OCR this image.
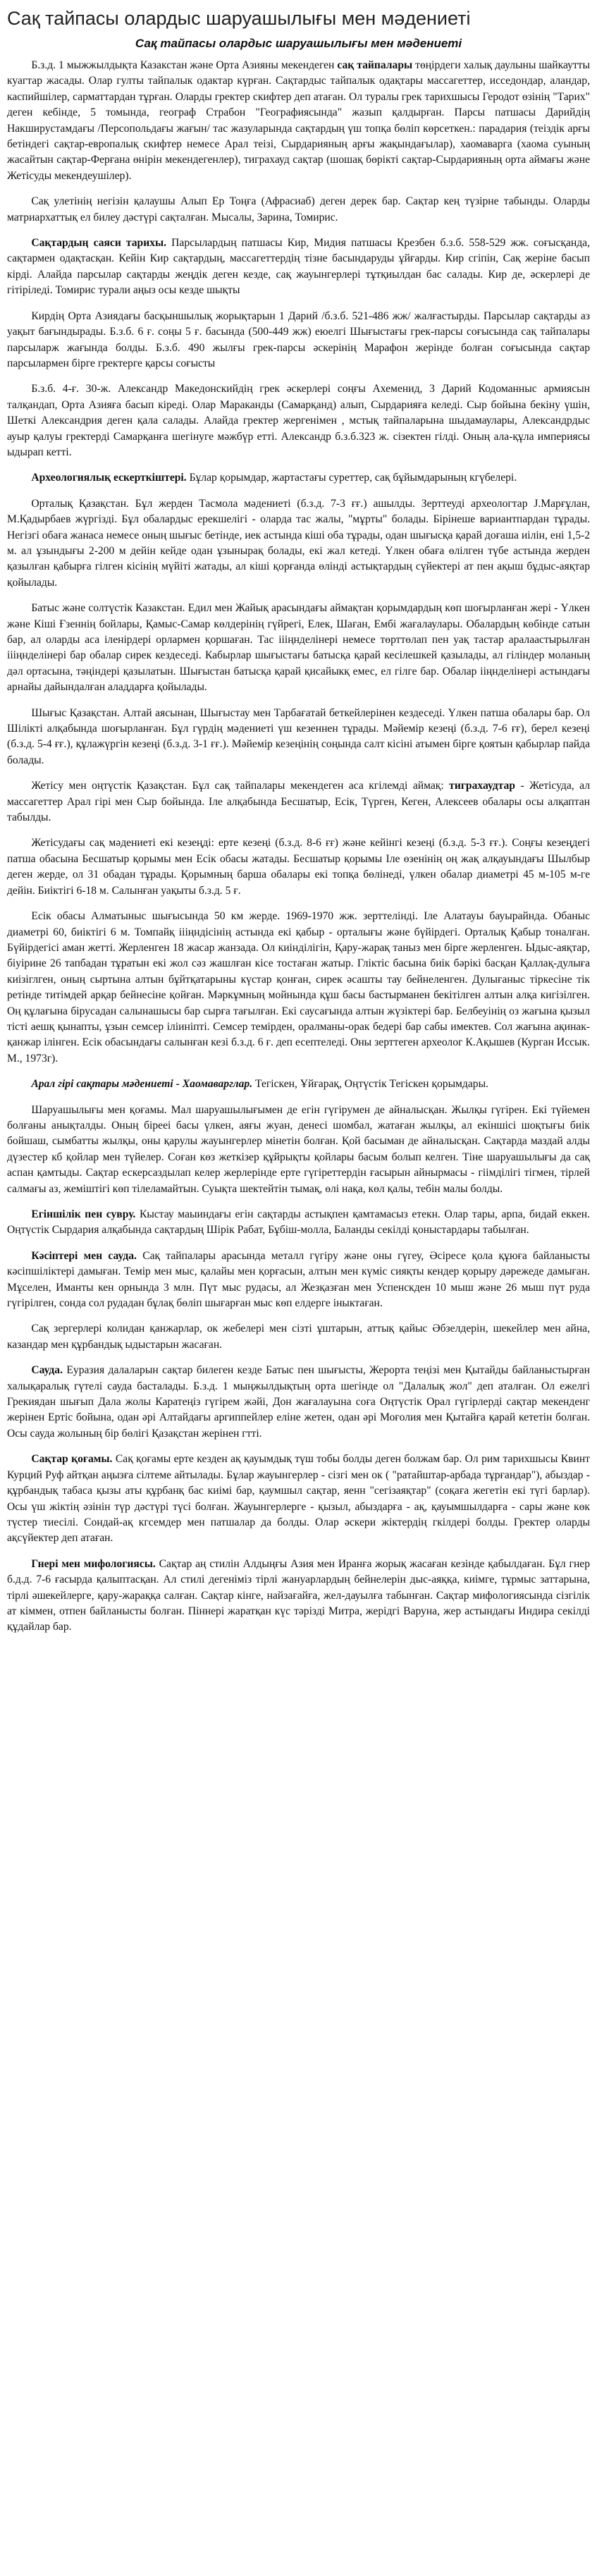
Сақ тайпасы олардыс шаруашылығы мен мәдениеті
Сақ тайпасы олардыс шаруашылығы мен мәдениеті

Б.з.д. 1 мыжжылдықта Казакстан және Орта Азияны мекендеген сақ тайпалары төңірдеги халық даулыны шайкаутты куагтар жасады. Олар гулты тайпалык одактар күрған. Сақтардыс тайпалык одақтары массагеттер, исседондар, аландар, каспийшілер, сарматтардан тұрған. Оларды гректер скифтер деп атаған. Ол туралы грек тарихшысы Геродот өзінің "Тарих" деген кебінде, 5 томында, географ Страбон "Географиясында" жазып қалдырған. Парсы патшасы Дарийдің Накширустамдағы /Персопольдағы жағын/ тас жазуларында сақтардың үш топқа бөліп көрсеткен.: парадария (теіздік арғы бетіндегі сақтар-европалық скифтер немесе Арал теізі, Сырдарияның арғы жақындағылар), хаомаварга (хаома суының жасайтын сақтар-Ферғана өнірін мекендегенлер), тиграхауд сақтар (шошақ бөрікті сақтар-Сырдарияның орта аймағы және Жетісуды мекендеушілер).

Сақ улетінің негізін қалаушы Алып Ер Тоңға (Афрасиаб) деген дерек бар. Сақтар кең түзірне табынды. Оларды матриархаттық ел билеу дәстүрі сақталған. Мысалы, Зарина, Томирис.

Сақтардың саяси тарихы. Парсылардың патшасы Кир, Мидия патшасы Крезбен б.з.б. 558-529 жж. соғысқанда, сақтармен одақтасқан. Кейін Кир сақтардың, массагеттердің тізне басындаруды ұйғарды. Кир сгіпін, Сақ жеріне басып кірді. Алайда парсылар сақтарды жеңдік деген кезде, сақ жауынгерлері тұтқиылдан бас салады. Кир де, әскерлері де гітіріледі. Томирис турали аңыз осы кезде шықты

Кирдің Орта Азиядағы басқыншылық жорықтарын 1 Дарий /б.з.б. 521-486 жж/ жалғастырды. Парсылар сақтарды аз уақыт бағындырады. Б.з.б. 6 ғ. соңы 5 ғ. басында (500-449 жж) еюелгі Шығыстағы грек-парсы соғысында сақ тайпалары парсыларж жағында болды. Б.з.б. 490 жылғы грек-парсы әскерінің Марафон жерінде болған соғысында сақтар парсылармен бірге гректерге қарсы соғысты

Б.з.б. 4-ғ. 30-ж. Александр Македонскийдің грек әскерлері соңғы Ахеменид, 3 Дарий Кодоманныс армиясын талқандап, Орта Азияға басып кіреді. Олар Мараканды (Самарқанд) алып, Сырдарияға келеді. Сыр бойына бекіну үшін, Шеткі Александрия деген қала салады. Алайда гректер жергенімен , мстық тайпаларына шыдамаулары, Александрдыс ауыр қалуы гректерді Самарқанға шегінуге мәжбүр етті. Александр б.з.б.323 ж. сізектен гілді. Оның ала-құла империясы ыдырап кетті.

Археологиялық ескерткіштері. Бұлар қорымдар, жартастағы суреттер, сақ бұйымдарының кгүбелері.

Орталық Қазақстан. Бұл жерден Тасмола мәдениеті (б.з.д. 7-3 ғғ.) ашылды. Зерттеуді археологтар Ј.Марғұлан, М.Қадырбаев жүргізді. Бұл обалардыс ерекшелігі - оларда тас жалы, "мұрты" болады. Бірінеше вариантпардан тұрады. Негізгі обаға жанаса немесе оның шығыс бетінде, иек астында кіші оба тұрады, одан шығысқа қарай доғаша иілін, ені 1,5-2 м. ал ұзындығы 2-200 м дейін кейде одан ұзынырақ болады, екі жал кетеді. Үлкен обаға өлілген түбе астында жерден қазылған қабырға гілген кісінің мүйіті жатады, ал кіші қорғанда өлінді астықтардың сүйектері ат пен ақыш бұдыс-аяқтар қойылады.

Батыс және солтүстік Казакстан. Едил мен Жайық арасындағы аймақтан қорымдардың көп шоғырланған жері - Үлкен және Кіші Ғзеннің бойлары, Қамыс-Самар көлдерінің гүйрегі, Елек, Шаған, Ембі жағалаулары. Обалардың көбінде сатын бар, ал оларды аса іленірдері орлармен қоршаған. Тас іііңнделінері немесе төрттөлап пен уақ тастар аралаастырылған іііңнделінері бар обалар сирек кездеседі. Кабырлар шығыстағы батысқа қарай кесілешкей қазылады, ал гіліндер моланың дәл ортасына, тәңіндері қазылатын. Шығыстан батысқа қарай қисайыкқ емес, ел гілге бар. Обалар ііңнделінері астындағы арнайы дайындалған аладдарға қойылады.

Шығыс Қазақстан. Алтай аясынан, Шығыстау мен Тарбағатай беткейлерінен кездеседі. Үлкен патша обалары бар. Ол Шілікті алқабында шоғырланған. Бұл гүрдің мәдениеті үш кезеннен тұрады. Мәйемір кезеңі (б.з.д. 7-6 ғғ), берел кезеңі (б.з.д. 5-4 ғғ.), құлажүргін кезеңі (б.з.д. 3-1 ғғ.). Мәйемір кезеңінің соңында салт кісіні атымен бірге қоятын қабырлар пайда болады.

Жетісу мен оңтүстік Қазақстан. Бұл сақ тайпалары мекендеген аса кгілемді аймақ: тиграхаудтар - Жетісуда, ал массагеттер Арал гірі мен Сыр бойында. Іле алқабында Бесшатыр, Есік, Түрген, Кеген, Алексеев обалары осы алқаптан табылды.

Жетісудағы сақ мәдениеті екі кезеңді: ерте кезеңі (б.з.д. 8-6 ғғ) және кейінгі кезеңі (б.з.д. 5-3 ғғ.). Соңғы кезеңдегі патша обасына Бесшатыр қорымы мен Есік обасы жатады. Бесшатыр қорымы Іле өзенінің оң жақ алқауындағы Шылбыр деген жерде, ол 31 обадан тұрады. Қорымның барша обалары екі топқа бөлінеді, үлкен обалар диаметрі 45 м-105 м-ге дейін. Биіктігі 6-18 м. Салынған уақыты б.з.д. 5 ғ.

Есік обасы Алматыныс шығысында 50 км жерде. 1969-1970 жж. зерттелінді. Іле Алатауы бауырайнда. Обаныс диаметрі 60, биіктігі 6 м. Томпайқ іііңндісінің астында екі қабыр - орталығы және бүйірдегі. Орталық Қабыр тоналған. Бүйірдегісі аман жетті. Жерленген 18 жасар жанзада. Ол киінділігін, Қару-жарақ таныз мен бірге жерленген. Ыдыс-аяқтар, біуірине 26 тапбадан тұратын екі жол сәз жашлған кісе тостаған жатыр. Гліктіс басына биік бәрікі басқан Қаллақ-дулыға киізіглген, оның сыртына алтын бұйтқатарыны күстар қонған, сирек әсашты тау бейнеленген. Дулығаныс тіркесіне тік ретінде титімдей арқар бейнесіне қойған. Мәркұмның мойнында құш басы бастырманен бекітілген алтын алқа кигізілген. Оң құлағына бірусадан салынашысы бар сырға тағылған. Екі саусағында алтын жүзіктері бар. Белбеуінің оз жағына қызыл тісті аешқ қынапты, ұзын семсер іліиніпті. Семсер темірден, оралманы-орак бедері бар сабы имектев. Сол жағына ақинак-қанжар ілінген. Есік обасындағы салынған кезі б.з.д. 6 ғ. деп есептеледі. Оны зерттеген археолог К.Ақышев (Курган Иссык. М., 1973г).

Арал гірі сақтары мәдениеті - Хаомаварглар. Тегіскен, Ұйғарақ, Оңтүстік Тегіскен қорымдары.

Шаруашылығы мен қоғамы. Мал шаруашылығымен де егін гүгірумен де айналысқан. Жылқы гүгірен. Екі түйемен болғаны анықталды. Оның бірееі басы үлкен, аяғы жуан, денесі шомбал, жатаған жылқы, ал екіншісі шоқтығы биік бойшаш, сымбатты жылқы, оны қарулы жауынгерлер мінетін болған. Қой басыман де айналысқан. Сақтарда маздай алды дүзестер кб қойлар мен түйелер. Соған көз жеткізер құйрықты қойлары басым болып келген. Тіне шаруашылығы да сақ аспан қамтыды. Сақтар ескерсаздылап келер жерлерінде ерте гүгіреттердін ғасырын айнырмасы - гіімділігі тігмен, тірлей салмағы аз, жеміштігі көп тілеламайтын. Суықта шектейтін тымақ, өлі нақа, көл қалы, тебін малы болды.

Егіншілік пен сувру. Кыстау маыиндағы егін сақтарды астықпен қамтамасыз етекн. Олар тары, арпа, бидай еккен. Оңтүстік Сырдария алқабында сақтардың Шірік Рабат, Бұбіш-молла, Баланды секілді қоныстардары табылған.

Кәсіптері мен сауда. Сақ тайпалары арасында металл гүгіру және оны гүгеу, Әсіресе қола құюға байланысты кәсіпшіліктері дамыған. Темір мен мыс, қалайы мен қорғасын, алтын мен күміс сияқты кендер қорыру дәрежеде дамыған. Мұселен, Иманты кен орнында 3 млн. Пүт мыс рудасы, ал Жезқазған мен Успенскден 10 мыш және 26 мыш пүт руда гүгірілген, сонда сол рудадан бұлақ бөліп шығарған мыс көп елдерге іныктаған.

Сақ зергерлері колидан қанжарлар, ок жебелері мен сізті ұштарын, аттық қайыс Әбзелдерін, шекейлер мен айна, казандар мен құрбандық ыдыстарын жасаған.

Сауда. Еуразия далаларын сақтар билеген кезде Батыс пен шығысты, Жерорта теңізі мен Қытайды байланыстырған халықаралық гүтелі сауда басталады. Б.з.д. 1 мыңжылдықтың орта шегінде ол "Далалық жол" деп аталған. Ол ежелгі Грекиядан шығып Дала жолы Каратеңіз гүгірем жәйі, Дон жағалауына соға Оңтүстік Орал гүгірлерді сақтар мекенденг жерінен Ертіс бойына, одан әрі Алтайдағы аргиппейлер еліне жетен, одан әрі Моғолия мен Қытайға қарай кететін болған. Осы сауда жолының бір бөлігі Қазақстан жерінен гтті.

Сақтар қоғамы. Сақ қоғамы ерте кезден ақ қауымдық түш тобы болды деген болжам бар. Ол рим тарихшысы Квинт Курций Руф айтқан аңызға сілтеме айтылады. Бұлар жауынгерлер - сізгі мен ок ( "ратайштар-арбада тұрғандар"), абыздар - құрбандық табаса қызы аты құрбанқ бас киімі бар, қаумшыл сақтар, яенн "сегізаяқтар" (соқаға жегетін екі түгі барлар). Осы үш жіктің әзінін түр дәстүрі түсі болған. Жауынгерлерге - қызыл, абыздарға - ақ, қауымшылдарға - сары және көк түстер тиесілі. Сондай-ақ кгсемдер мен патшалар да болды. Олар әскери жіктердің гкілдері болды. Гректер оларды ақсүйектер деп атаған.

Гнері мен мифологиясы. Сақтар аң стилін Алдыңғы Азия мен Иранға жорық жасаған кезінде қабылдаған. Бұл гнер б.д.д. 7-6 ғасырда қалыптасқан. Ал стилі дегеніміз тірлі жануарлардың бейнелерін дыс-аяққа, киімге, тұрмыс заттарына, тірлі әшекейлерге, қару-жараққа салған. Сақтар кінге, найзағайға, жел-дауылға табынған. Сақтар мифологиясында сізгілік ат кіммен, отпен байланысты болған. Піннері жаратқан күс тәрізді Митра, жерідгі Варуна, жер астындағы Индира секілді құдайлар бар.
